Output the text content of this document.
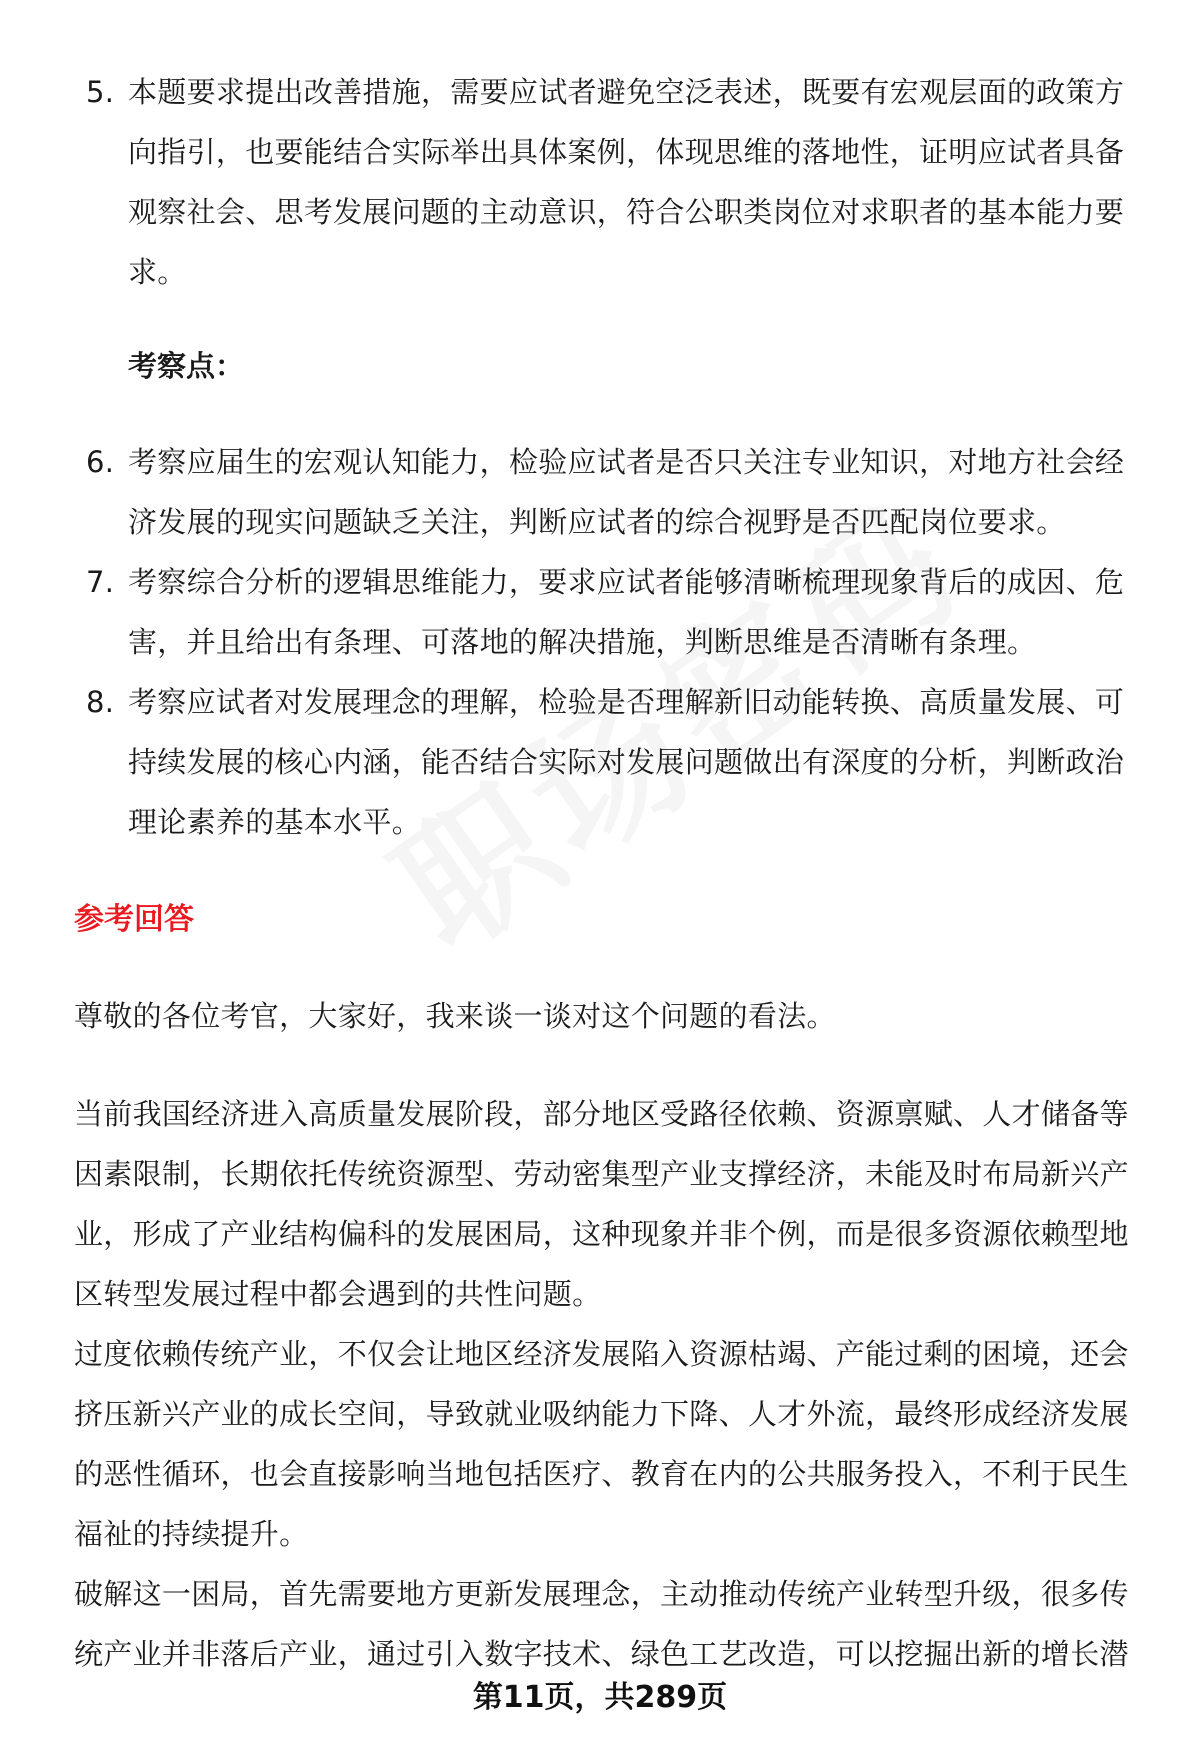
5. 本题要求提出改善措施，需要应试者避免空泛表述，既要有宏观层面的政策方向指引，也要能结合实际举出具体案例，体现思维的落地性，证明应试者具备观察社会、思考发展问题的主动意识，符合公职类岗位对求职者的基本能力要求。
考察点：
6. 考察应届生的宏观认知能力，检验应试者是否只关注专业知识，对地方社会经济发展的现实问题缺乏关注，判断应试者的综合视野是否匹配岗位要求。
7. 考察综合分析的逻辑思维能力，要求应试者能够清晰梳理现象背后的成因、危害，并且给出有条理、可落地的解决措施，判断思维是否清晰有条理。
8. 考察应试者对发展理念的理解，检验是否理解新旧动能转换、高质量发展、可持续发展的核心内涵，能否结合实际对发展问题做出有深度的分析，判断政治理论素养的基本水平。
参考回答

尊敬的各位考官，大家好，我来谈一谈对这个问题的看法。

当前我国经济进入高质量发展阶段，部分地区受路径依赖、资源禀赋、人才储备等因素限制，长期依托传统资源型、劳动密集型产业支撑经济，未能及时布局新兴产业，形成了产业结构偏科的发展困局，这种现象并非个例，而是很多资源依赖型地区转型发展过程中都会遇到的共性问题。

过度依赖传统产业，不仅会让地区经济发展陷入资源枯竭、产能过剩的困境，还会挤压新兴产业的成长空间，导致就业吸纳能力下降、人才外流，最终形成经济发展的恶性循环，也会直接影响当地包括医疗、教育在内的公共服务投入，不利于民生福祉的持续提升。

破解这一困局，首先需要地方更新发展理念，主动推动传统产业转型升级，很多传统产业并非落后产业，通过引入数字技术、绿色工艺改造，可以挖掘出新的增长潜

第11页，共289页
